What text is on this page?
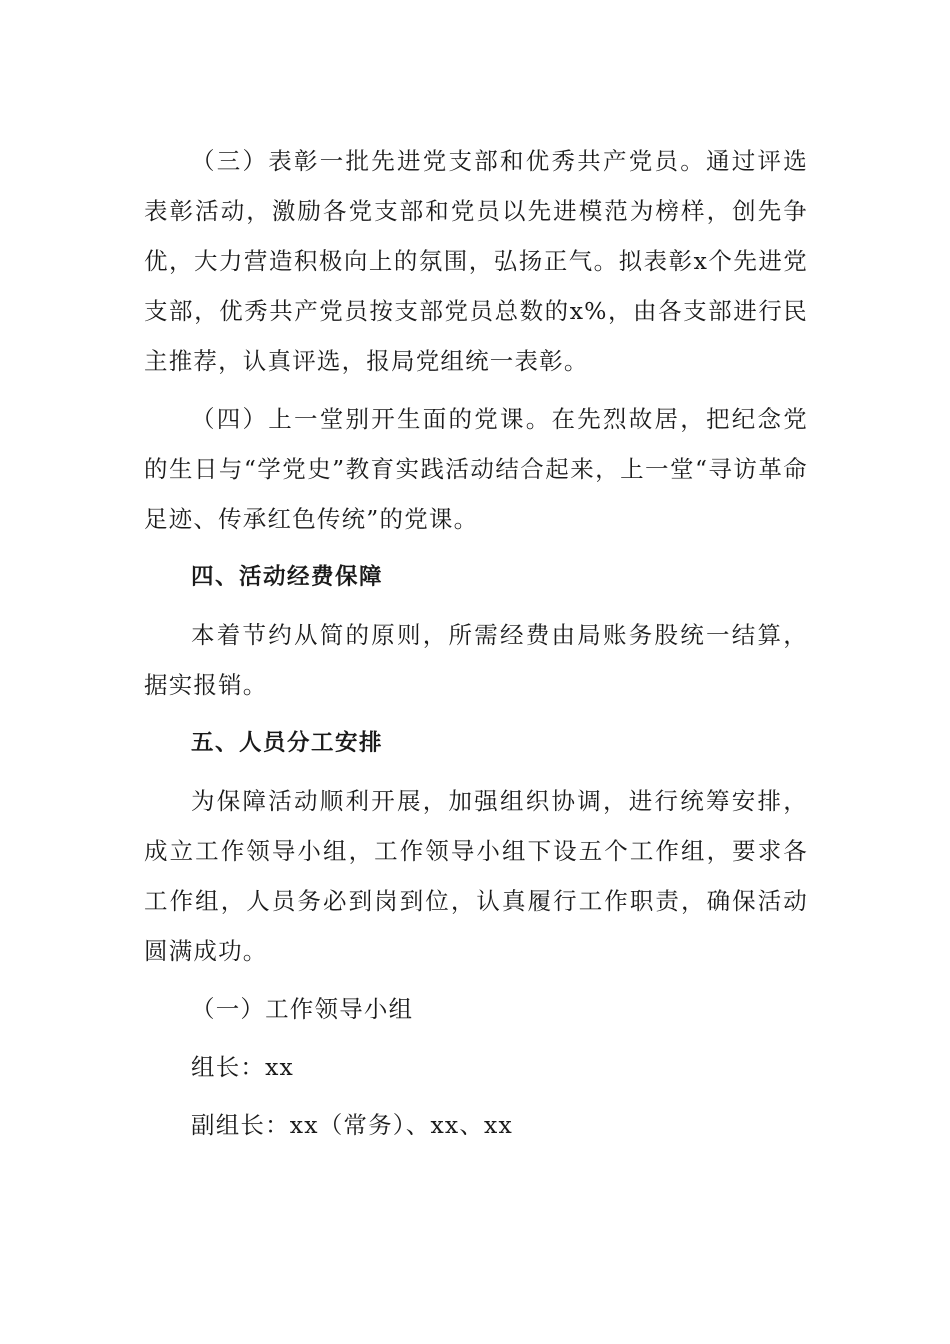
（三）表彰一批先进党支部和优秀共产党员。通过评选表彰活动，激励各党支部和党员以先进模范为榜样，创先争优，大力营造积极向上的氛围，弘扬正气。拟表彰x个先进党支部，优秀共产党员按支部党员总数的x%，由各支部进行民主推荐，认真评选，报局党组统一表彰。

（四）上一堂别开生面的党课。在先烈故居，把纪念党的生日与“学党史”教育实践活动结合起来，上一堂“寻访革命足迹、传承红色传统”的党课。

四、活动经费保障

本着节约从简的原则，所需经费由局账务股统一结算，据实报销。

五、人员分工安排

为保障活动顺利开展，加强组织协调，进行统筹安排，成立工作领导小组，工作领导小组下设五个工作组，要求各工作组，人员务必到岗到位，认真履行工作职责，确保活动圆满成功。

（一）工作领导小组

组长：xx

副组长：xx（常务）、xx、xx
